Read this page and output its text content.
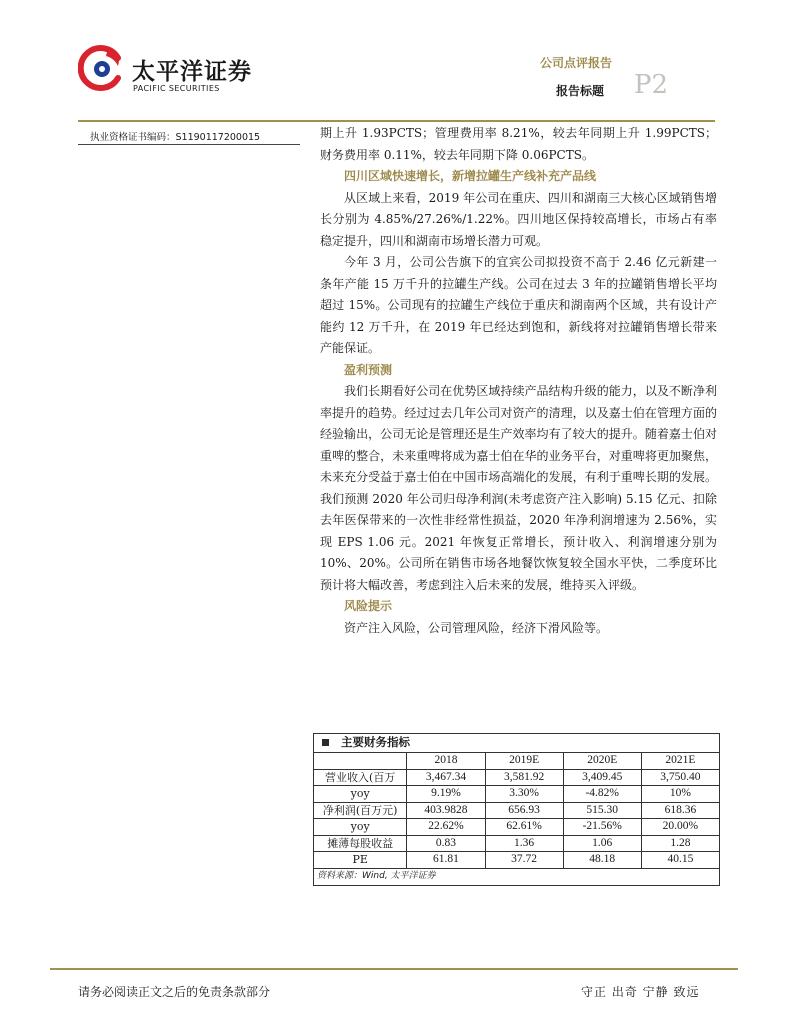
太平洋证券
PACIFIC SECURITIES
公司点评报告
报告标题 P2
执业资格证书编码：S1190117200015	期上升 1.93PCTS；管理费用率 8.21%，较去年同期上升 1.99PCTS；财务费用率 0.11%，较去年同期下降 0.06PCTS。

四川区域快速增长，新增拉罐生产线补充产品线

从区域上来看，2019 年公司在重庆、四川和湖南三大核心区域销售增长分别为 4.85%/27.26%/1.22%。四川地区保持较高增长，市场占有率稳定提升，四川和湖南市场增长潜力可观。

今年 3 月，公司公告旗下的宜宾公司拟投资不高于 2.46 亿元新建一条年产能 15 万千升的拉罐生产线。公司在过去 3 年的拉罐销售增长平均超过 15%。公司现有的拉罐生产线位于重庆和湖南两个区域，共有设计产能约 12 万千升，在 2019 年已经达到饱和，新线将对拉罐销售增长带来产能保证。

盈利预测

我们长期看好公司在优势区域持续产品结构升级的能力，以及不断净利率提升的趋势。经过过去几年公司对资产的清理，以及嘉士伯在管理方面的经验输出，公司无论是管理还是生产效率均有了较大的提升。随着嘉士伯对重啤的整合，未来重啤将成为嘉士伯在华的业务平台，对重啤将更加聚焦，未来充分受益于嘉士伯在中国市场高端化的发展，有利于重啤长期的发展。我们预测 2020 年公司归母净利润(未考虑资产注入影响) 5.15 亿元、扣除去年医保带来的一次性非经常性损益，2020 年净利润增速为 2.56%，实现 EPS 1.06 元。2021 年恢复正常增长，预计收入、利润增速分别为 10%、20%。公司所在销售市场各地餐饮恢复较全国水平快，二季度环比预计将大幅改善，考虑到注入后未来的发展，维持买入评级。

风险提示

资产注入风险，公司管理风险，经济下滑风险等。

主要财务指标				
	2018	2019E	2020E	2021E
营业收入(百万	3,467.34	3,581.92	3,409.45	3,750.40
yoy	9.19%	3.30%	-4.82%	10%
净利润(百万元)	403.9828	656.93	515.30	618.36
yoy	22.62%	62.61%	-21.56%	20.00%
摊薄每股收益	0.83	1.36	1.06	1.28
PE	61.81	37.72	48.18	40.15
资料来源：Wind, 太平洋证券				
请务必阅读正文之后的免责条款部分	守正 出奇 宁静 致远
